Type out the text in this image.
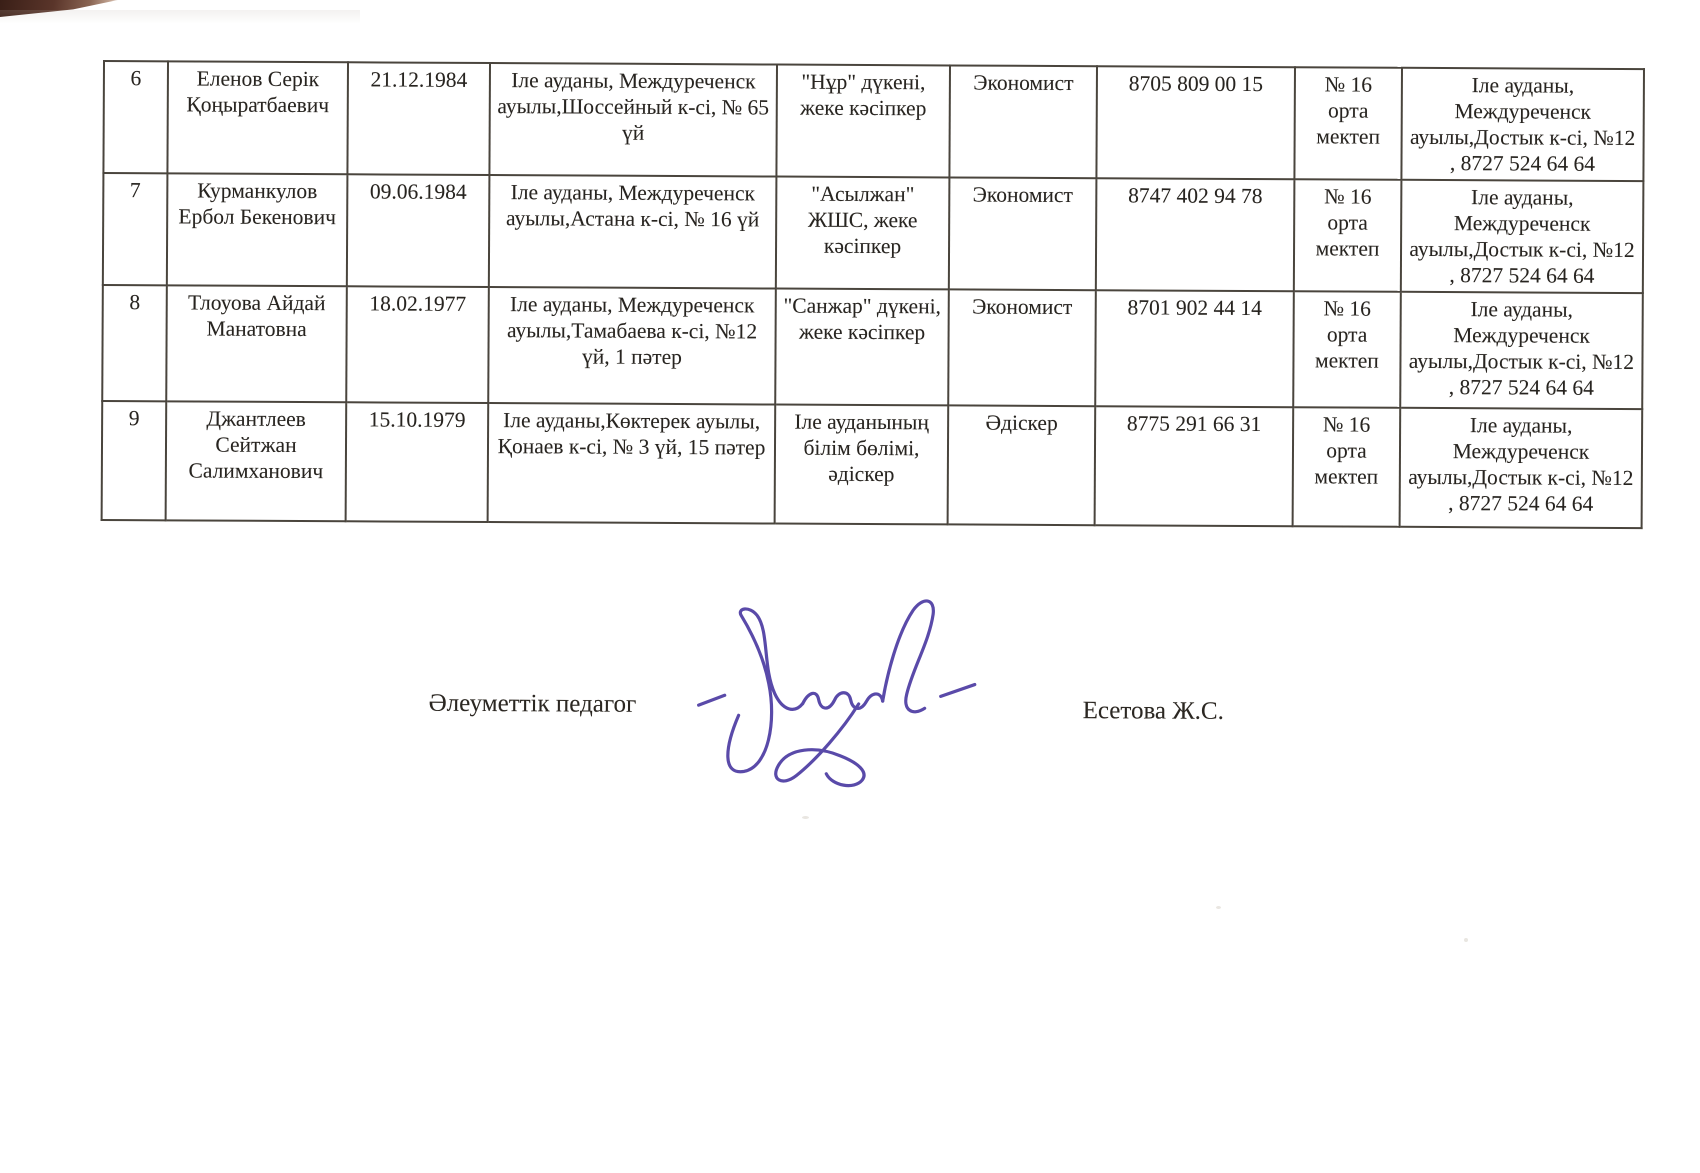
6	Еленов Серік Қоңыратбаевич	21.12.1984	Іле ауданы, Междуреченск ауылы,Шоссейный к-сі, № 65 үй	"Нұр" дүкені, жеке кәсіпкер	Экономист	8705 809 00 15	№ 16 орта мектеп	Іле ауданы, Междуреченск ауылы,Достык к-сі, №12 , 8727 524 64 64
7	Курманкулов Ербол Бекенович	09.06.1984	Іле ауданы, Междуреченск ауылы,Астана к-сі, № 16 үй	"Асылжан" ЖШС, жеке кәсіпкер	Экономист	8747 402 94 78	№ 16 орта мектеп	Іле ауданы, Междуреченск ауылы,Достык к-сі, №12 , 8727 524 64 64
8	Тлоуова Айдай Манатовна	18.02.1977	Іле ауданы, Междуреченск ауылы,Тамабаева к-сі, №12 үй, 1 пәтер	"Санжар" дүкені, жеке кәсіпкер	Экономист	8701 902 44 14	№ 16 орта мектеп	Іле ауданы, Междуреченск ауылы,Достык к-сі, №12 , 8727 524 64 64
9	Джантлеев Сейтжан Салимханович	15.10.1979	Іле ауданы,Көктерек ауылы, Қонаев к-сі, № 3 үй, 15 пәтер	Іле ауданының білім бөлімі, әдіскер	Әдіскер	8775 291 66 31	№ 16 орта мектеп	Іле ауданы, Междуреченск ауылы,Достык к-сі, №12 , 8727 524 64 64
Әлеуметтік педагог	Есетова Ж.С.
